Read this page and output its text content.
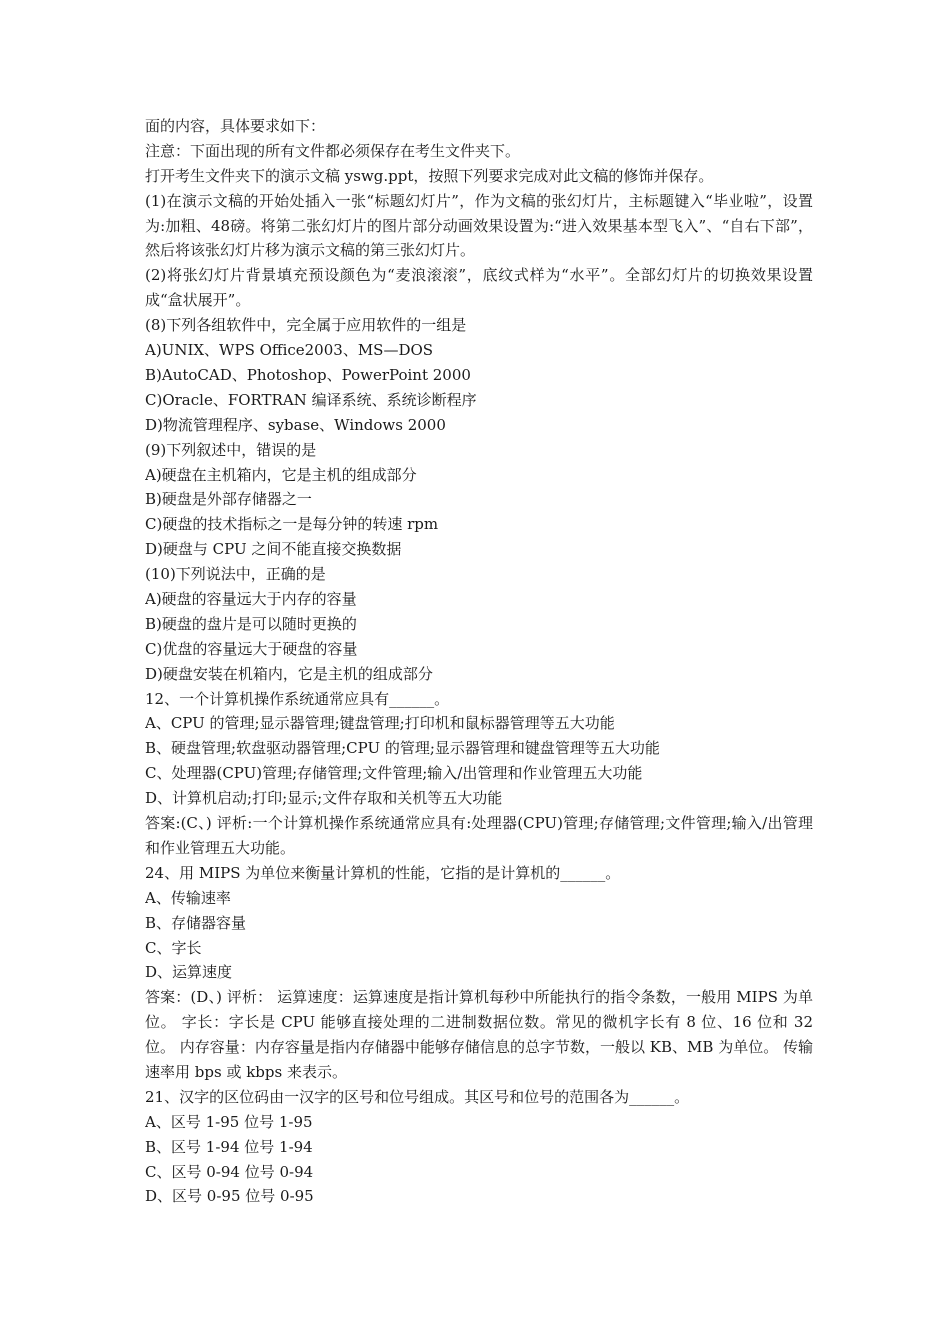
面的内容，具体要求如下：
注意：下面出现的所有文件都必须保存在考生文件夹下。
打开考生文件夹下的演示文稿 yswg.ppt，按照下列要求完成对此文稿的修饰并保存。
(1)在演示文稿的开始处插入一张“标题幻灯片”，作为文稿的张幻灯片，主标题键入“毕业啦”，设置为:加粗、48磅。将第二张幻灯片的图片部分动画效果设置为:“进入效果基本型飞入”、“自右下部”，然后将该张幻灯片移为演示文稿的第三张幻灯片。
(2)将张幻灯片背景填充预设颜色为“麦浪滚滚”，底纹式样为“水平”。全部幻灯片的切换效果设置成“盒状展开”。
(8)下列各组软件中，完全属于应用软件的一组是
A)UNIX、WPS Office2003、MS—DOS
B)AutoCAD、Photoshop、PowerPoint 2000
C)Oracle、FORTRAN 编译系统、系统诊断程序
D)物流管理程序、sybase、Windows 2000
(9)下列叙述中，错误的是
A)硬盘在主机箱内，它是主机的组成部分
B)硬盘是外部存储器之一
C)硬盘的技术指标之一是每分钟的转速 rpm
D)硬盘与 CPU 之间不能直接交换数据
(10)下列说法中，正确的是
A)硬盘的容量远大于内存的容量
B)硬盘的盘片是可以随时更换的
C)优盘的容量远大于硬盘的容量
D)硬盘安装在机箱内，它是主机的组成部分
12、一个计算机操作系统通常应具有______。
A、CPU 的管理;显示器管理;键盘管理;打印机和鼠标器管理等五大功能
B、硬盘管理;软盘驱动器管理;CPU 的管理;显示器管理和键盘管理等五大功能
C、处理器(CPU)管理;存储管理;文件管理;输入/出管理和作业管理五大功能
D、计算机启动;打印;显示;文件存取和关机等五大功能
答案:(C、) 评析:一个计算机操作系统通常应具有:处理器(CPU)管理;存储管理;文件管理;输入/出管理和作业管理五大功能。
24、用 MIPS 为单位来衡量计算机的性能，它指的是计算机的______。
A、传输速率
B、存储器容量
C、字长
D、运算速度
答案：(D、) 评析： 运算速度：运算速度是指计算机每秒中所能执行的指令条数，一般用 MIPS 为单位。 字长：字长是 CPU 能够直接处理的二进制数据位数。常见的微机字长有 8 位、16 位和 32 位。 内存容量：内存容量是指内存储器中能够存储信息的总字节数，一般以 KB、MB 为单位。 传输速率用 bps 或 kbps 来表示。
21、汉字的区位码由一汉字的区号和位号组成。其区号和位号的范围各为______。
A、区号 1-95 位号 1-95
B、区号 1-94 位号 1-94
C、区号 0-94 位号 0-94
D、区号 0-95 位号 0-95
